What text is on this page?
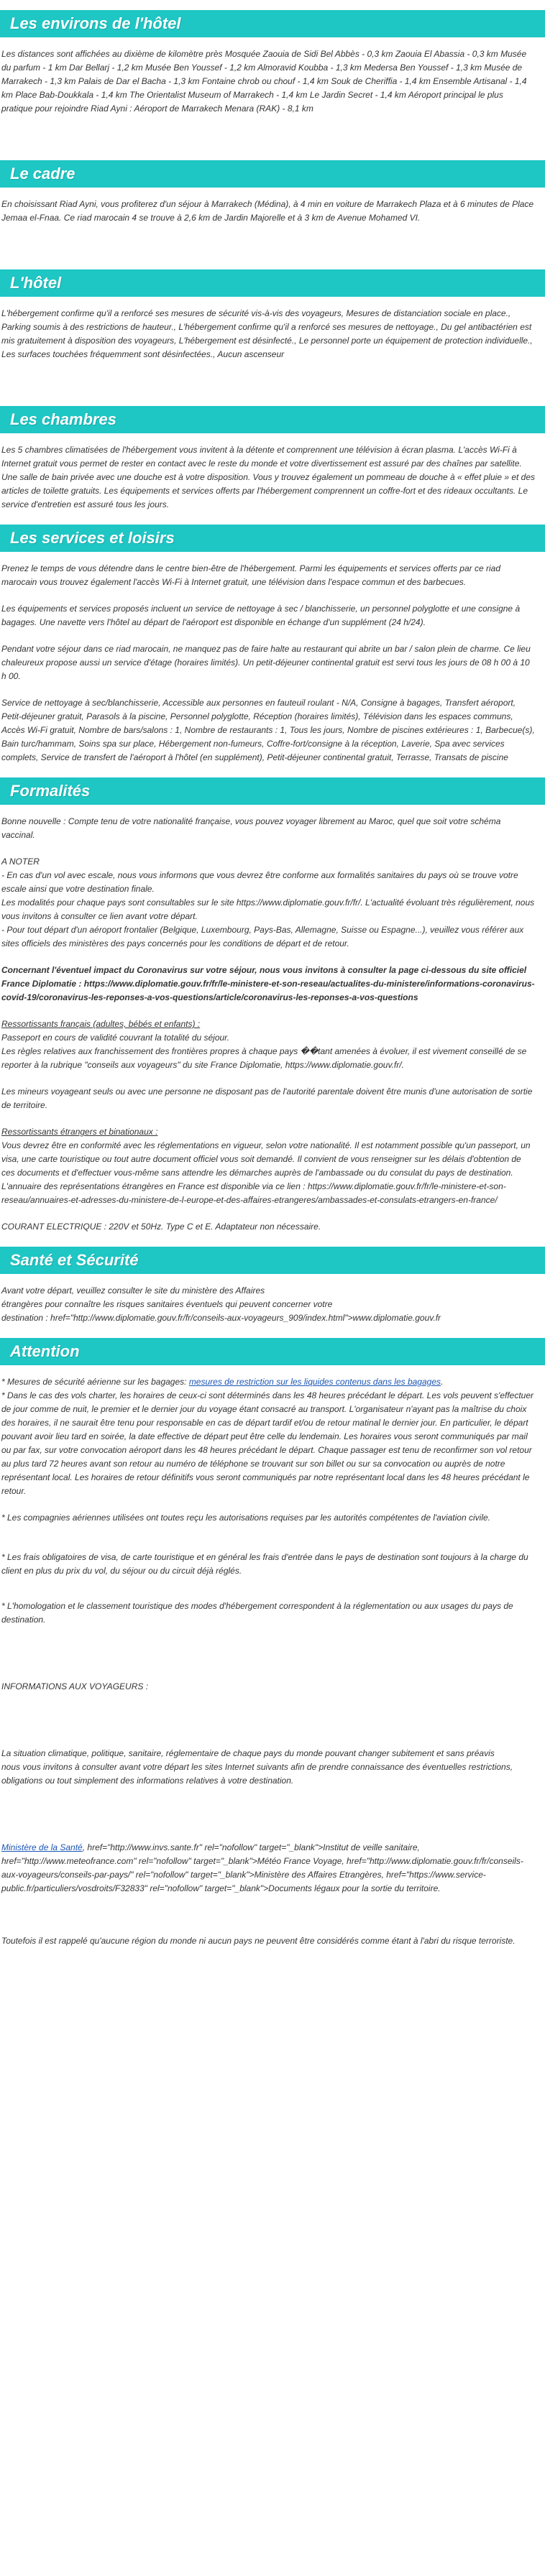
Les environs de l'hôtel

Les distances sont affichées au dixième de kilomètre près Mosquée Zaouia de Sidi Bel Abbès - 0,3 km Zaouia El Abassia - 0,3 km Musée du parfum - 1 km Dar Bellarj - 1,2 km Musée Ben Youssef - 1,2 km Almoravid Koubba - 1,3 km Medersa Ben Youssef - 1,3 km Musée de Marrakech - 1,3 km Palais de Dar el Bacha - 1,3 km Fontaine chrob ou chouf - 1,4 km Souk de Cheriffia - 1,4 km Ensemble Artisanal - 1,4 km Place Bab-Doukkala - 1,4 km The Orientalist Museum of Marrakech - 1,4 km Le Jardin Secret - 1,4 km Aéroport principal le plus pratique pour rejoindre Riad Ayni : Aéroport de Marrakech Menara (RAK) - 8,1 km

Le cadre

En choisissant Riad Ayni, vous profiterez d'un séjour à Marrakech (Médina), à 4 min en voiture de Marrakech Plaza et à 6 minutes de Place Jemaa el-Fnaa. Ce riad marocain 4 se trouve à 2,6 km de Jardin Majorelle et à 3 km de Avenue Mohamed VI.

L'hôtel

L'hébergement confirme qu'il a renforcé ses mesures de sécurité vis-à-vis des voyageurs, Mesures de distanciation sociale en place., Parking soumis à des restrictions de hauteur., L'hébergement confirme qu'il a renforcé ses mesures de nettoyage., Du gel antibactérien est mis gratuitement à disposition des voyageurs, L'hébergement est désinfecté., Le personnel porte un équipement de protection individuelle., Les surfaces touchées fréquemment sont désinfectées., Aucun ascenseur

Les chambres

Les 5 chambres climatisées de l'hébergement vous invitent à la détente et comprennent une télévision à écran plasma. L'accès Wi-Fi à Internet gratuit vous permet de rester en contact avec le reste du monde et votre divertissement est assuré par des chaînes par satellite. Une salle de bain privée avec une douche est à votre disposition. Vous y trouvez également un pommeau de douche à « effet pluie » et des articles de toilette gratuits. Les équipements et services offerts par l'hébergement comprennent un coffre-fort et des rideaux occultants. Le service d'entretien est assuré tous les jours.

Les services et loisirs

Prenez le temps de vous détendre dans le centre bien-être de l'hébergement. Parmi les équipements et services offerts par ce riad marocain vous trouvez également l'accès Wi-Fi à Internet gratuit, une télévision dans l'espace commun et des barbecues.

Les équipements et services proposés incluent un service de nettoyage à sec / blanchisserie, un personnel polyglotte et une consigne à bagages. Une navette vers l'hôtel au départ de l'aéroport est disponible en échange d'un supplément (24 h/24).

Pendant votre séjour dans ce riad marocain, ne manquez pas de faire halte au restaurant qui abrite un bar / salon plein de charme. Ce lieu chaleureux propose aussi un service d'étage (horaires limités). Un petit-déjeuner continental gratuit est servi tous les jours de 08 h 00 à 10 h 00.

Service de nettoyage à sec/blanchisserie, Accessible aux personnes en fauteuil roulant - N/A, Consigne à bagages, Transfert aéroport, Petit-déjeuner gratuit, Parasols à la piscine, Personnel polyglotte, Réception (horaires limités), Télévision dans les espaces communs, Accès Wi-Fi gratuit, Nombre de bars/salons : 1, Nombre de restaurants : 1, Tous les jours, Nombre de piscines extérieures : 1, Barbecue(s), Bain turc/hammam, Soins spa sur place, Hébergement non-fumeurs, Coffre-fort/consigne à la réception, Laverie, Spa avec services complets, Service de transfert de l'aéroport à l'hôtel (en supplément), Petit-déjeuner continental gratuit, Terrasse, Transats de piscine

Formalités

Bonne nouvelle : Compte tenu de votre nationalité française, vous pouvez voyager librement au Maroc, quel que soit votre schéma vaccinal.

A NOTER
- En cas d'un vol avec escale, nous vous informons que vous devrez être conforme aux formalités sanitaires du pays où se trouve votre escale ainsi que votre destination finale.
Les modalités pour chaque pays sont consultables sur le site https://www.diplomatie.gouv.fr/fr/. L'actualité évoluant très régulièrement, nous vous invitons à consulter ce lien avant votre départ.

- Pour tout départ d'un aéroport frontalier (Belgique, Luxembourg, Pays-Bas, Allemagne, Suisse ou Espagne...), veuillez vous référer aux sites officiels des ministères des pays concernés pour les conditions de départ et de retour.

Concernant l'éventuel impact du Coronavirus sur votre séjour, nous vous invitons à consulter la page ci-dessous du site officiel France Diplomatie : https://www.diplomatie.gouv.fr/fr/le-ministere-et-son-reseau/actualites-du-ministere/informations-coronavirus-covid-19/coronavirus-les-reponses-a-vos-questions/article/coronavirus-les-reponses-a-vos-questions

Ressortissants français (adultes, bébés et enfants) :
Passeport en cours de validité couvrant la totalité du séjour.

Les règles relatives aux franchissement des frontières propres à chaque pays ��tant amenées à évoluer, il est vivement conseillé de se reporter à la rubrique "conseils aux voyageurs" du site France Diplomatie, https://www.diplomatie.gouv.fr/.

Les mineurs voyageant seuls ou avec une personne ne disposant pas de l'autorité parentale doivent être munis d'une autorisation de sortie de territoire.

Ressortissants étrangers et binationaux :
Vous devrez être en conformité avec les réglementations en vigueur, selon votre nationalité. Il est notamment possible qu'un passeport, un visa, une carte touristique ou tout autre document officiel vous soit demandé. Il convient de vous renseigner sur les délais d'obtention de ces documents et d'effectuer vous-même sans attendre les démarches auprès de l'ambassade ou du consulat du pays de destination.

L'annuaire des représentations étrangères en France est disponible via ce lien : https://www.diplomatie.gouv.fr/fr/le-ministere-et-son-reseau/annuaires-et-adresses-du-ministere-de-l-europe-et-des-affaires-etrangeres/ambassades-et-consulats-etrangers-en-france/

COURANT ELECTRIQUE : 220V et 50Hz. Type C et E. Adaptateur non nécessaire.

Santé et Sécurité
Avant votre départ, veuillez consulter le site du ministère des Affaires
étrangères pour connaître les risques sanitaires éventuels qui peuvent concerner votre
destination : href="http://www.diplomatie.gouv.fr/fr/conseils-aux-voyageurs_909/index.html">www.diplomatie.gouv.fr
Attention
* Mesures de sécurité aérienne sur les bagages: mesures de restriction sur les liquides contenus dans les bagages.

* Dans le cas des vols charter, les horaires de ceux-ci sont déterminés dans les 48 heures précédant le départ. Les vols peuvent s'effectuer de jour comme de nuit, le premier et le dernier jour du voyage étant consacré au transport. L'organisateur n'ayant pas la maîtrise du choix des horaires, il ne saurait être tenu pour responsable en cas de départ tardif et/ou de retour matinal le dernier jour. En particulier, le départ pouvant avoir lieu tard en soirée, la date effective de départ peut être celle du lendemain. Les horaires vous seront communiqués par mail ou par fax, sur votre convocation aéroport dans les 48 heures précédant le départ. Chaque passager est tenu de reconfirmer son vol retour au plus tard 72 heures avant son retour au numéro de téléphone se trouvant sur son billet ou sur sa convocation ou auprès de notre représentant local. Les horaires de retour définitifs vous seront communiqués par notre représentant local dans les 48 heures précédant le retour.

* Les compagnies aériennes utilisées ont toutes reçu les autorisations requises par les autorités compétentes de l'aviation civile.

* Les frais obligatoires de visa, de carte touristique et en général les frais d'entrée dans le pays de destination sont toujours à la charge du client en plus du prix du vol, du séjour ou du circuit déjà réglés.

* L'homologation et le classement touristique des modes d'hébergement correspondent à la réglementation ou aux usages du pays de destination.

INFORMATIONS AUX VOYAGEURS :

La situation climatique, politique, sanitaire, réglementaire de chaque pays du monde pouvant changer subitement et sans préavis

nous vous invitons à consulter avant votre départ les sites Internet suivants afin de prendre connaissance des éventuelles restrictions, obligations ou tout simplement des informations relatives à votre destination.

Ministère de la Santé, href="http://www.invs.sante.fr" rel="nofollow" target="_blank">Institut de veille sanitaire, href="http://www.meteofrance.com" rel="nofollow" target="_blank">Météo France Voyage, href="http://www.diplomatie.gouv.fr/fr/conseils-aux-voyageurs/conseils-par-pays/" rel="nofollow" target="_blank">Ministère des Affaires Etrangères, href="https://www.service-public.fr/particuliers/vosdroits/F32833" rel="nofollow" target="_blank">Documents légaux pour la sortie du territoire.

Toutefois il est rappelé qu'aucune région du monde ni aucun pays ne peuvent être considérés comme étant à l'abri du risque terroriste.
